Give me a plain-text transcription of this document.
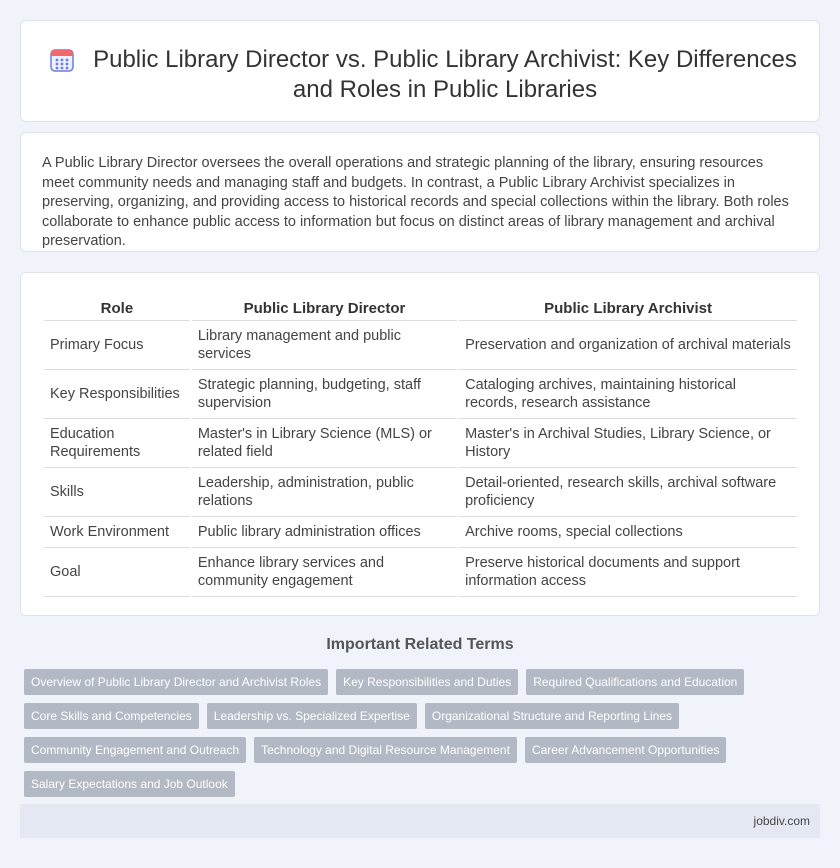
Public Library Director vs. Public Library Archivist: Key Differences and Roles in Public Libraries

A Public Library Director oversees the overall operations and strategic planning of the library, ensuring resources meet community needs and managing staff and budgets. In contrast, a Public Library Archivist specializes in preserving, organizing, and providing access to historical records and special collections within the library. Both roles collaborate to enhance public access to information but focus on distinct areas of library management and archival preservation.

Role	Public Library Director	Public Library Archivist
Primary Focus	Library management and public services	Preservation and organization of archival materials
Key Responsibilities	Strategic planning, budgeting, staff supervision	Cataloging archives, maintaining historical records, research assistance
Education Requirements	Master's in Library Science (MLS) or related field	Master's in Archival Studies, Library Science, or History
Skills	Leadership, administration, public relations	Detail-oriented, research skills, archival software proficiency
Work Environment	Public library administration offices	Archive rooms, special collections
Goal	Enhance library services and community engagement	Preserve historical documents and support information access
Important Related Terms
Overview of Public Library Director and Archivist Roles	Key Responsibilities and Duties	Required Qualifications and Education
Core Skills and Competencies	Leadership vs. Specialized Expertise	Organizational Structure and Reporting Lines
Community Engagement and Outreach	Technology and Digital Resource Management	Career Advancement Opportunities
Salary Expectations and Job Outlook
jobdiv.com
